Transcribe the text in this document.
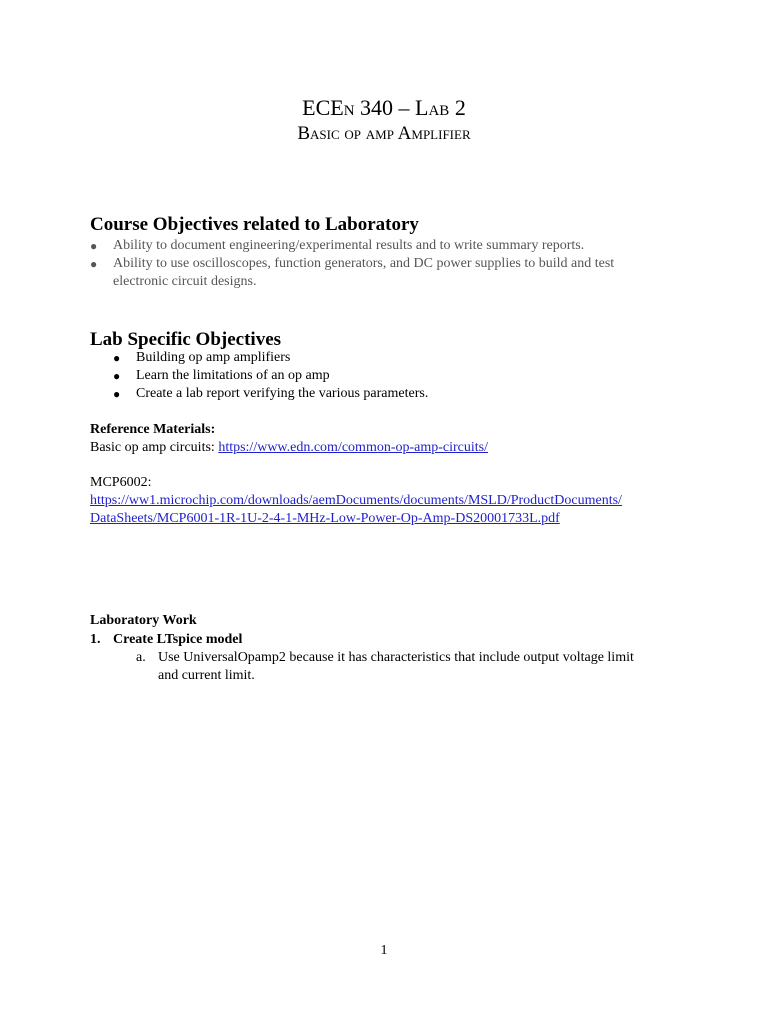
ECEn 340 – Lab 2
Basic op amp Amplifier
Course Objectives related to Laboratory
● Ability to document engineering/experimental results and to write summary reports.
● Ability to use oscilloscopes, function generators, and DC power supplies to build and test
electronic circuit designs.
Lab Specific Objectives
● Building op amp amplifiers
● Learn the limitations of an op amp
● Create a lab report verifying the various parameters.
Reference Materials:
Basic op amp circuits: https://www.edn.com/common-op-amp-circuits/
MCP6002:
https://ww1.microchip.com/downloads/aemDocuments/documents/MSLD/ProductDocuments/
DataSheets/MCP6001-1R-1U-2-4-1-MHz-Low-Power-Op-Amp-DS20001733L.pdf
Laboratory Work
1. Create LTspice model
a. Use UniversalOpamp2 because it has characteristics that include output voltage limit
and current limit.
1
